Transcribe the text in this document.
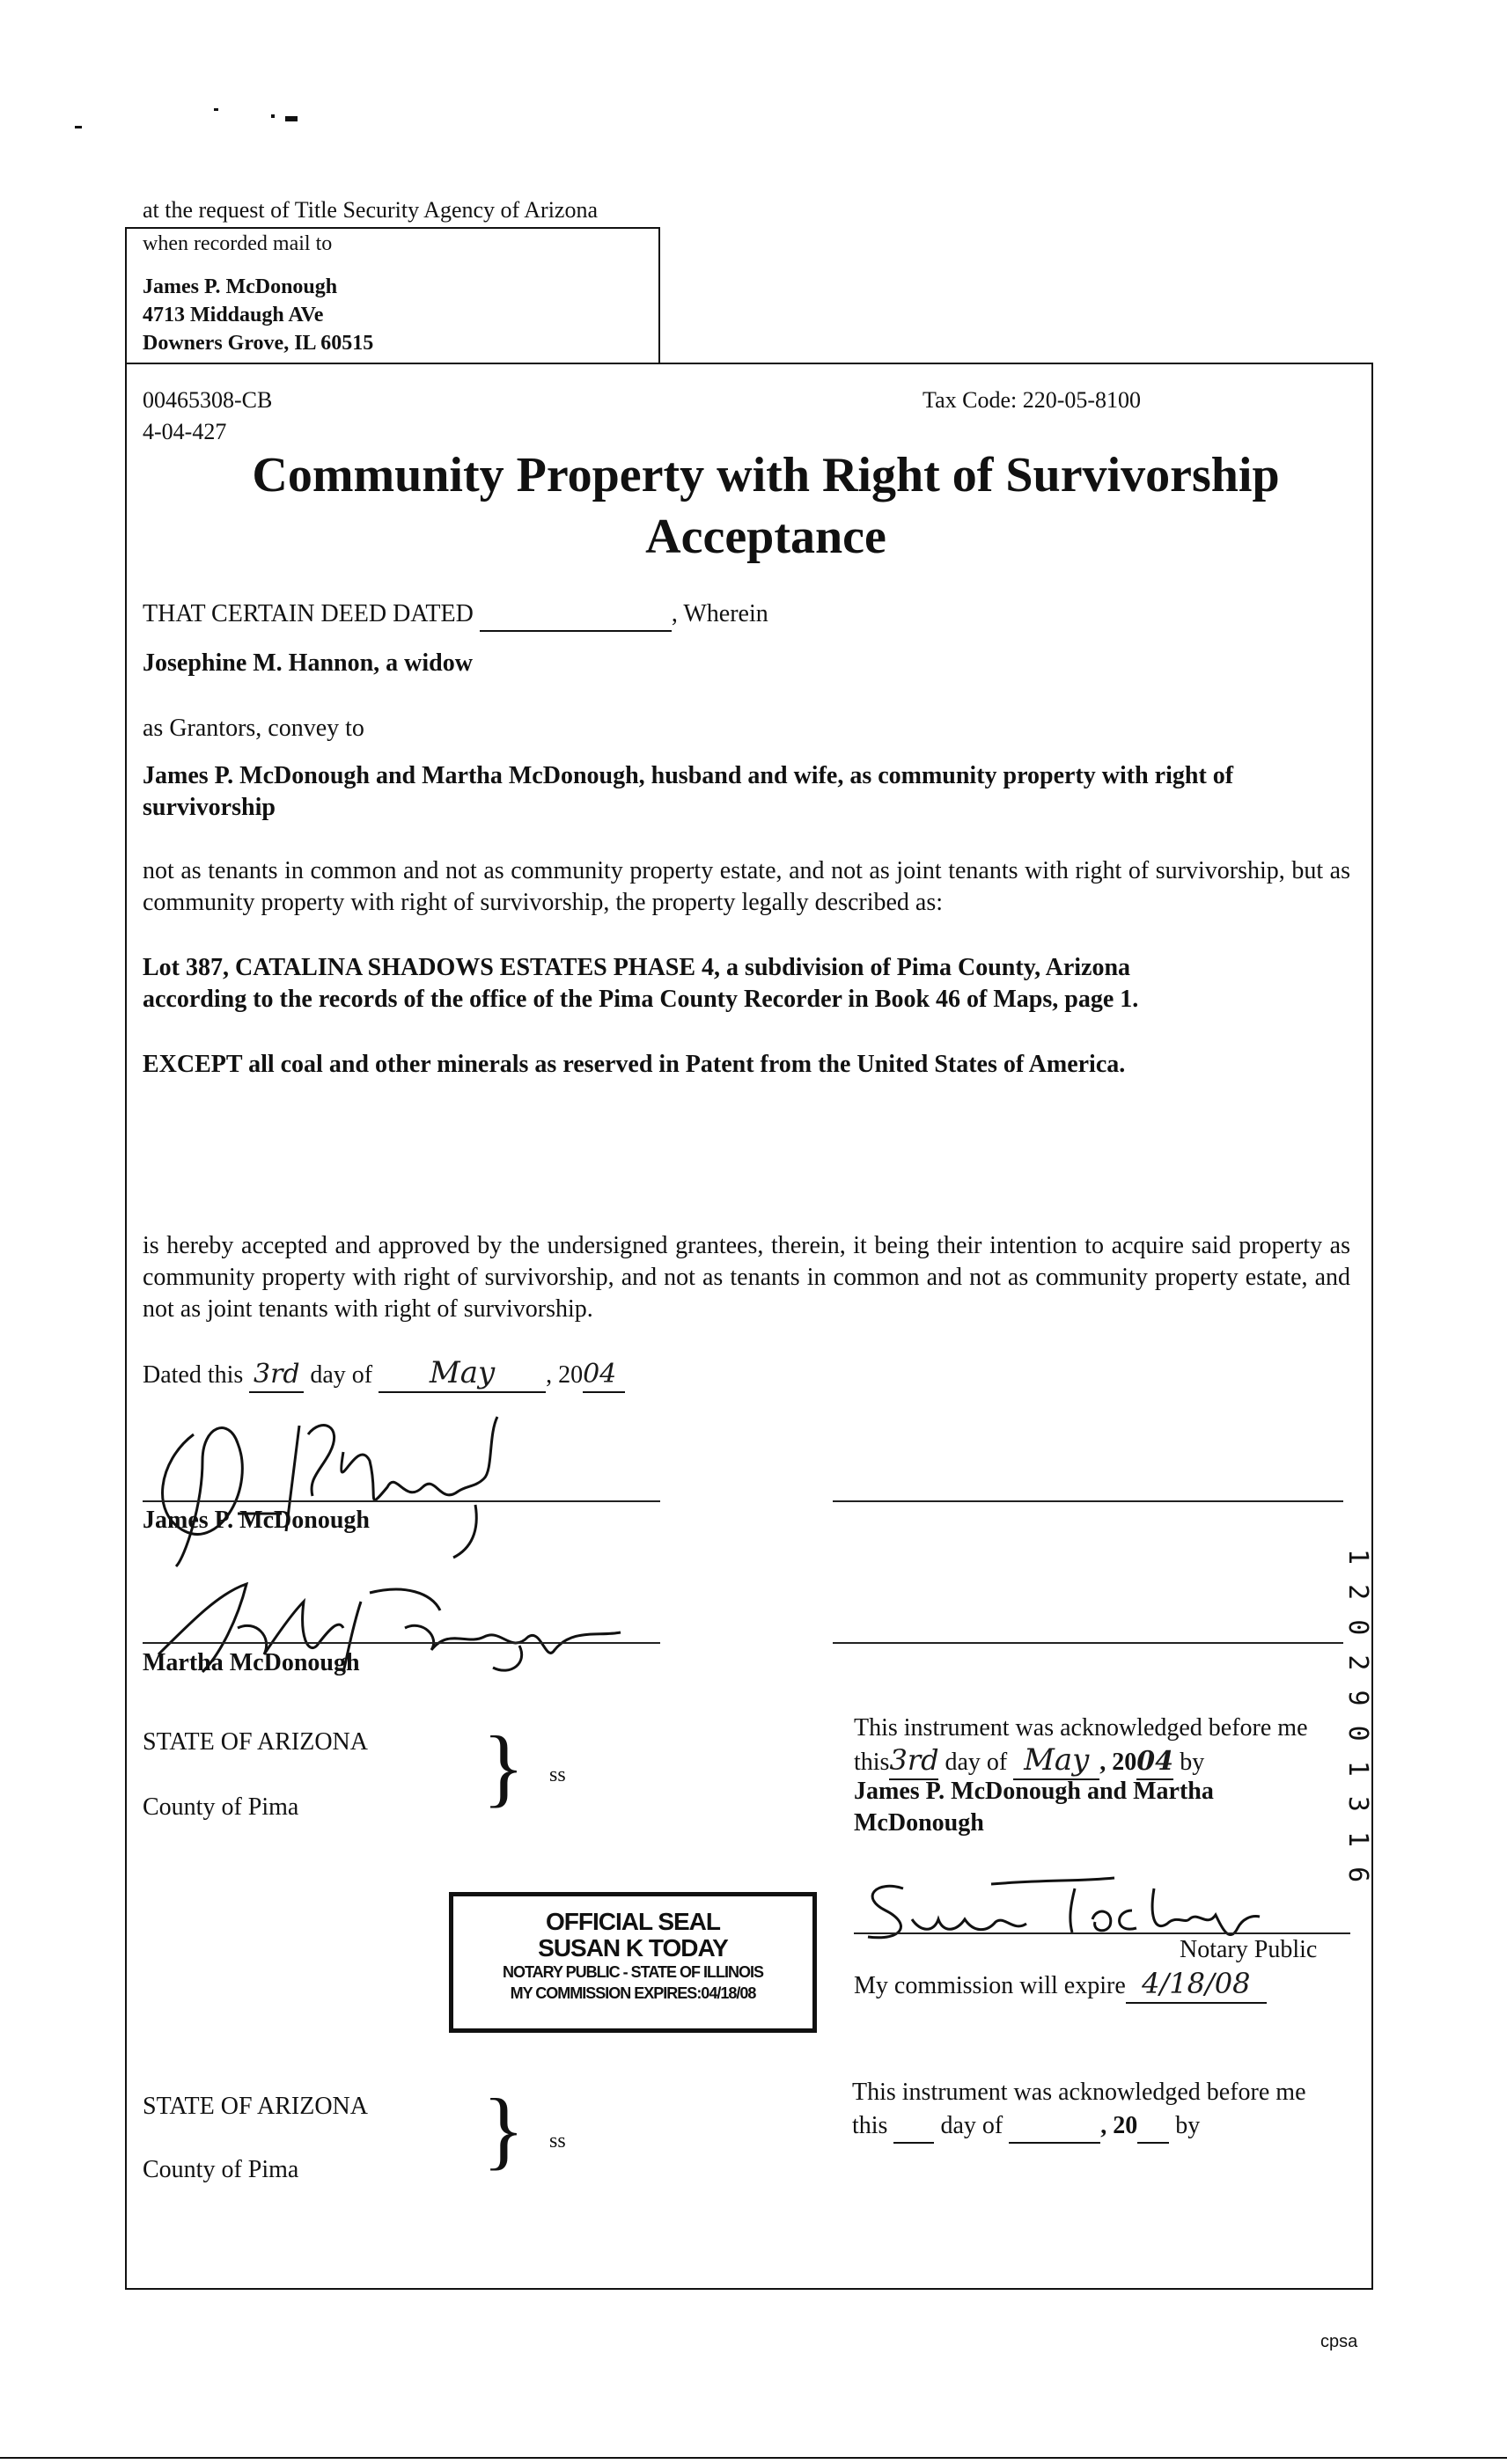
at the request of Title Security Agency of Arizona
when recorded mail to
James P. McDonough
4713 Middaugh AVe
Downers Grove, IL 60515
00465308-CB
4-04-427
Tax Code: 220-05-8100
Community Property with Right of Survivorship
Acceptance
THAT CERTAIN DEED DATED	, Wherein
Josephine M. Hannon, a widow
as Grantors, convey to
James P. McDonough and Martha McDonough, husband and wife, as community property with right of
survivorship
not as tenants in common and not as community property estate, and not as joint tenants with right of survivorship, but as community property with right of survivorship, the property legally described as:
Lot 387, CATALINA SHADOWS ESTATES PHASE 4, a subdivision of Pima County, Arizona
according to the records of the office of the Pima County Recorder in Book 46 of Maps, page 1.
EXCEPT all coal and other minerals as reserved in Patent from the United States of America.
is hereby accepted and approved by the undersigned grantees, therein, it being their intention to acquire said property as community property with right of survivorship, and not as tenants in common and not as community property estate, and not as joint tenants with right of survivorship.
Dated this 3rd day of May , 2004
James P. McDonough
Martha McDonough
STATE OF ARIZONA
County of Pima } ss
This instrument was acknowledged before me
this3rd day of May , 2004 by
James P. McDonough and Martha
McDonough
Notary Public
My commission will expire 4/18/08
OFFICIAL SEAL
SUSAN K TODAY
NOTARY PUBLIC - STATE OF ILLINOIS
MY COMMISSION EXPIRES:04/18/08
STATE OF ARIZONA
County of Pima } ss
This instrument was acknowledged before me
this day of	, 20 by
1 2 0 2 9 0 1 3 1 6
cpsa
